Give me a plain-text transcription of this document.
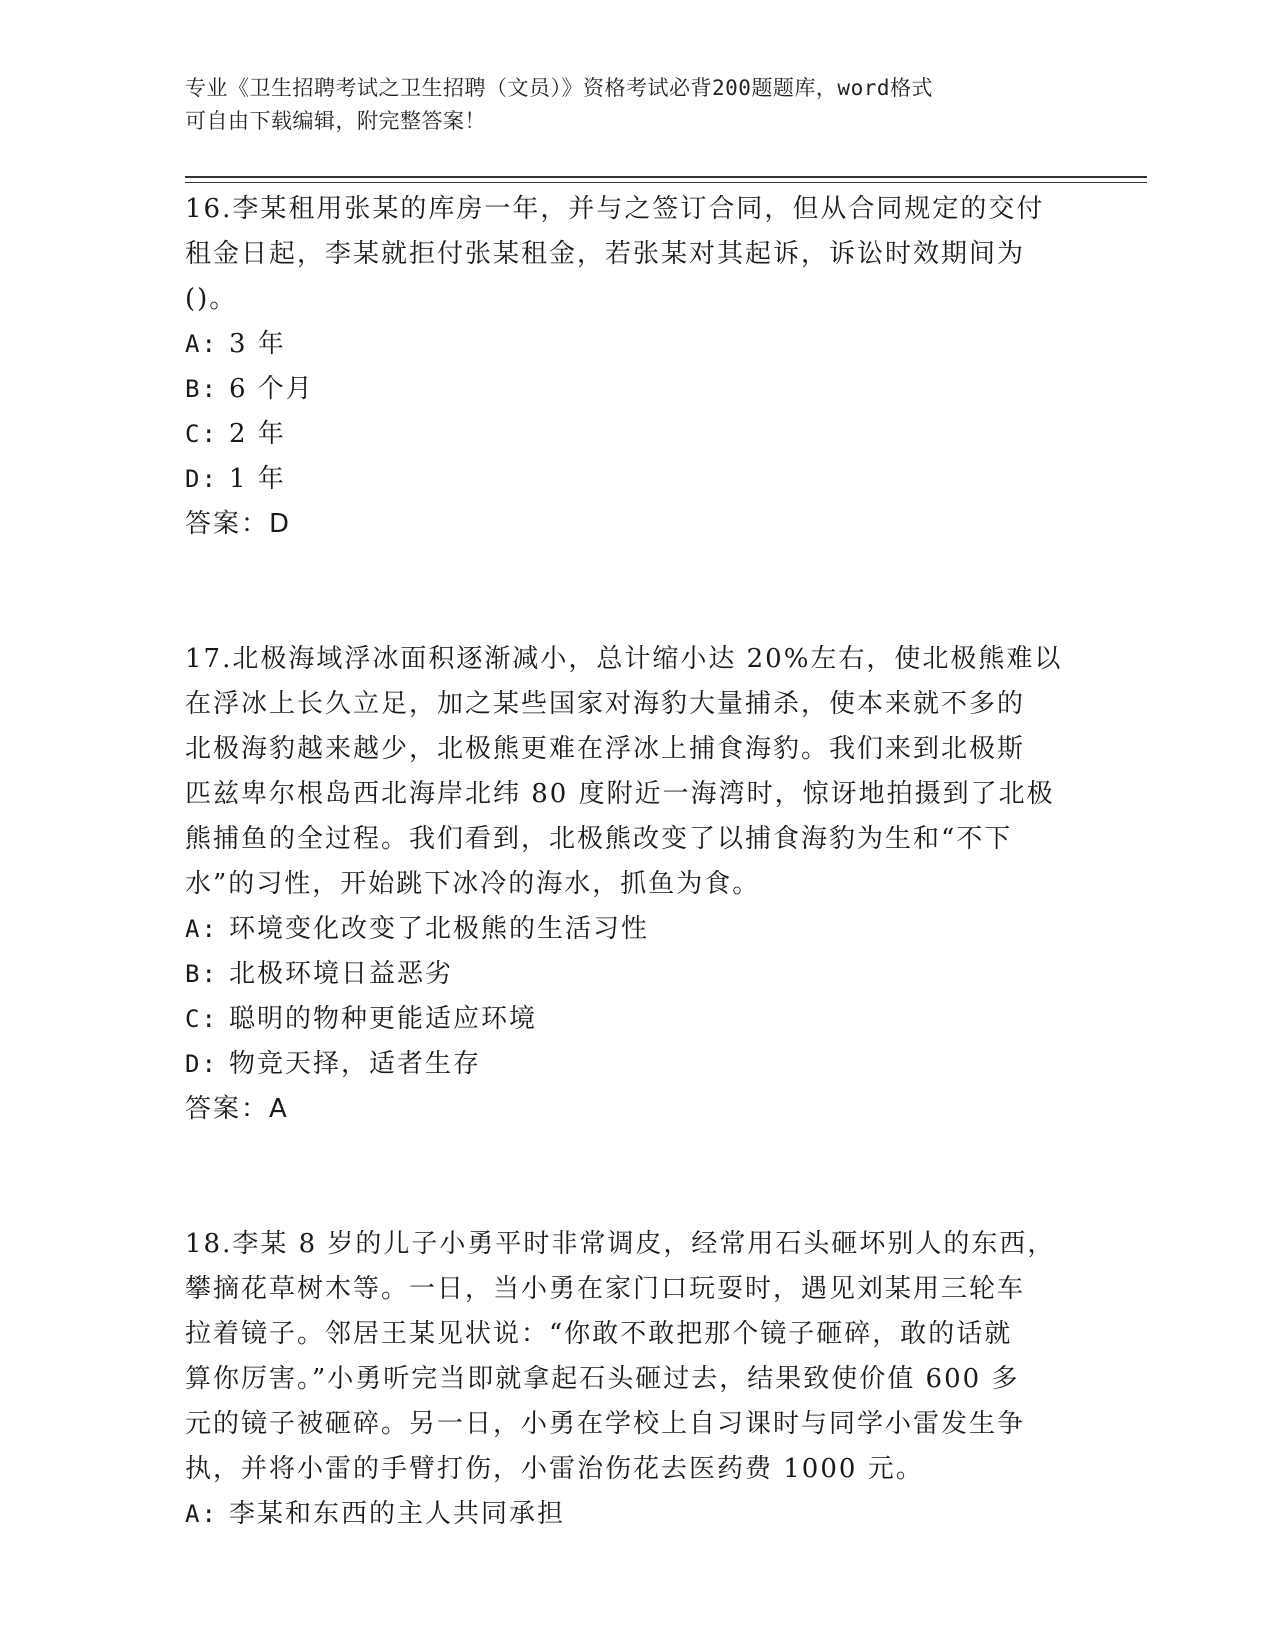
专业《卫生招聘考试之卫生招聘（文员）》资格考试必背200题题库，word格式
可自由下载编辑，附完整答案！

16.李某租用张某的库房一年，并与之签订合同，但从合同规定的交付

租金日起，李某就拒付张某租金，若张某对其起诉，诉讼时效期间为

()。

A: 3 年

B: 6 个月

C: 2 年

D: 1 年

答案：D

17.北极海域浮冰面积逐渐减小，总计缩小达 20%左右，使北极熊难以

在浮冰上长久立足，加之某些国家对海豹大量捕杀，使本来就不多的

北极海豹越来越少，北极熊更难在浮冰上捕食海豹。我们来到北极斯

匹兹卑尔根岛西北海岸北纬 80 度附近一海湾时，惊讶地拍摄到了北极

熊捕鱼的全过程。我们看到，北极熊改变了以捕食海豹为生和“不下

水”的习性，开始跳下冰冷的海水，抓鱼为食。

A: 环境变化改变了北极熊的生活习性

B: 北极环境日益恶劣

C: 聪明的物种更能适应环境

D: 物竞天择，适者生存

答案：A

18.李某 8 岁的儿子小勇平时非常调皮，经常用石头砸坏别人的东西，

攀摘花草树木等。一日，当小勇在家门口玩耍时，遇见刘某用三轮车

拉着镜子。邻居王某见状说：“你敢不敢把那个镜子砸碎，敢的话就

算你厉害。”小勇听完当即就拿起石头砸过去，结果致使价值 600 多

元的镜子被砸碎。另一日，小勇在学校上自习课时与同学小雷发生争

执，并将小雷的手臂打伤，小雷治伤花去医药费 1000 元。

A: 李某和东西的主人共同承担
